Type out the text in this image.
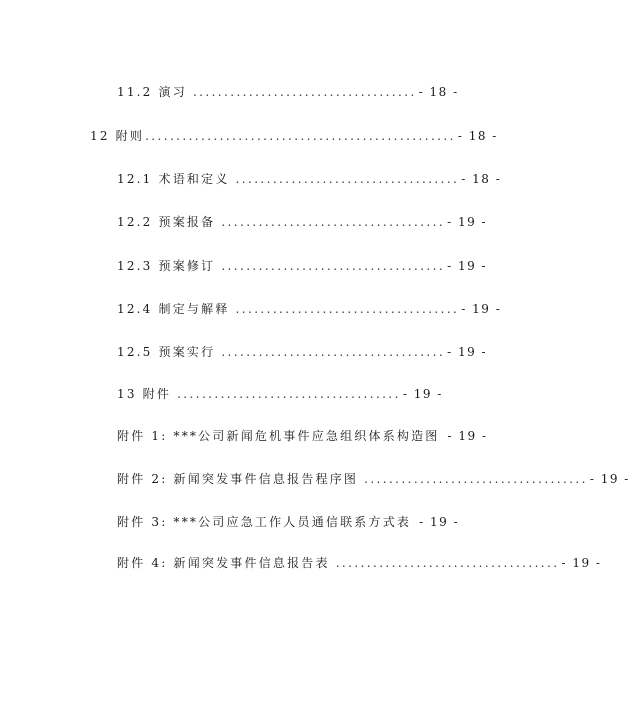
11.2 演习 .................................... - 18 -
12 附则 .................................................. - 18 -
12.1 术语和定义 .................................... - 18 -
12.2 预案报备 .................................... - 19 -
12.3 预案修订 .................................... - 19 -
12.4 制定与解释 .................................... - 19 -
12.5 预案实行 .................................... - 19 -
13 附件 .................................... - 19 -
附件 1: ***公司新闻危机事件应急组织体系构造图 - 19 -
附件 2: 新闻突发事件信息报告程序图 .................................... - 19 -
附件 3: ***公司应急工作人员通信联系方式表 - 19 -
附件 4: 新闻突发事件信息报告表 .................................... - 19 -
